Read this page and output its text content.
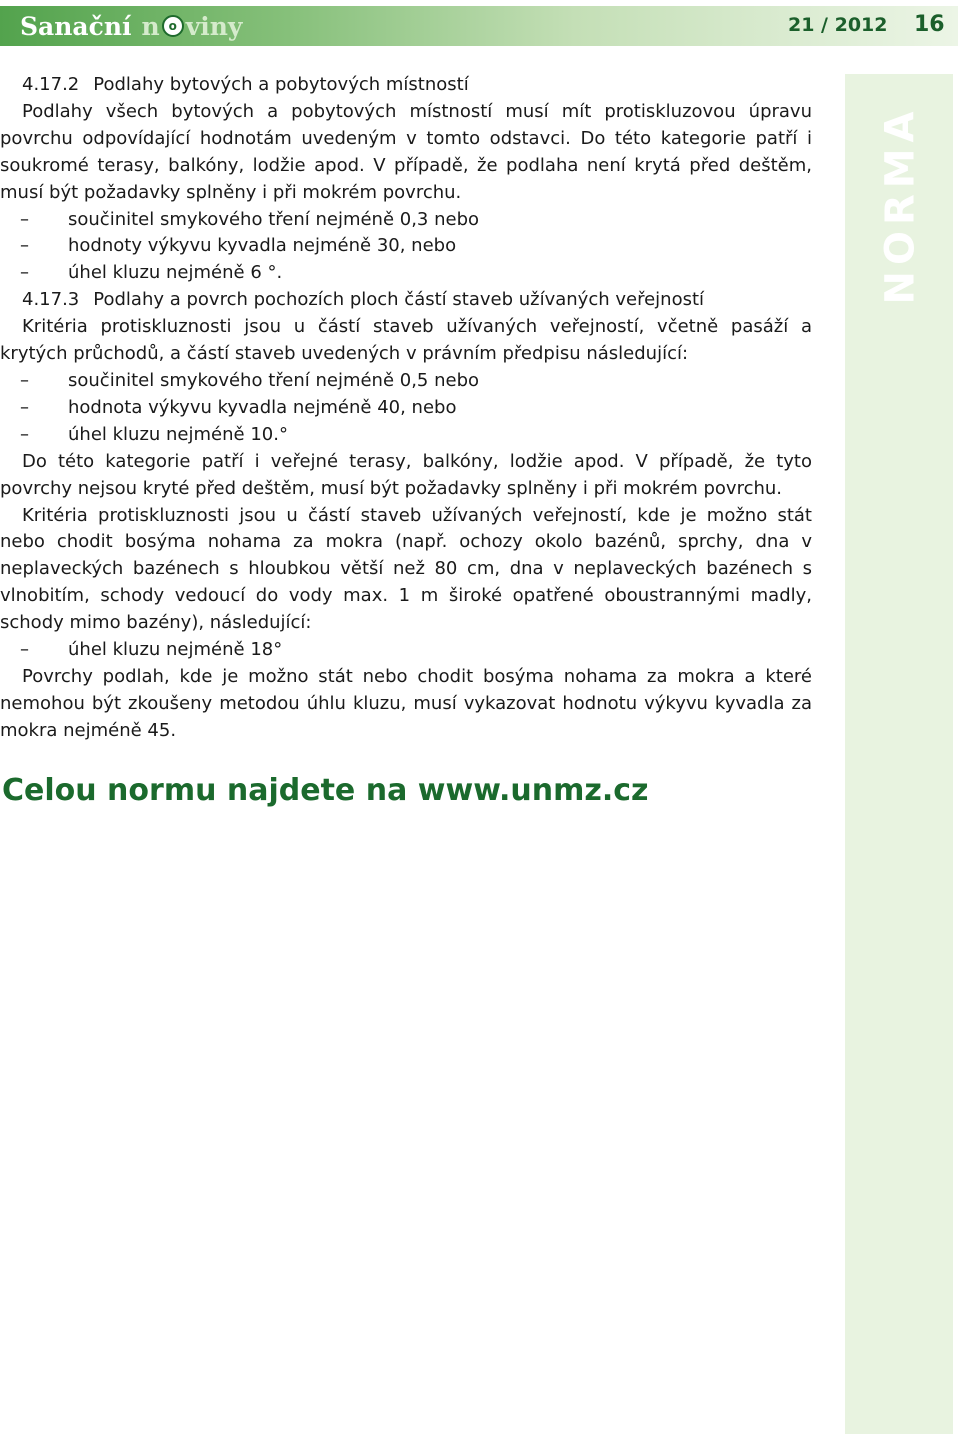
Sanační n o viny	21 / 2012 16
NORMA

4.17.2 Podlahy bytových a pobytových místností

Podlahy všech bytových a pobytových místností musí mít protiskluzovou úpravu povrchu odpovídající hodnotám uvedeným v tomto odstavci. Do této kategorie patří i soukromé terasy, balkóny, lodžie apod. V případě, že podlaha není krytá před deštěm, musí být požadavky splněny i při mokrém povrchu.

–	součinitel smykového tření nejméně 0,3 nebo
–	hodnoty výkyvu kyvadla nejméně 30, nebo
–	úhel kluzu nejméně 6 °.

4.17.3 Podlahy a povrch pochozích ploch částí staveb užívaných veřejností

Kritéria protiskluznosti jsou u částí staveb užívaných veřejností, včetně pasáží a krytých průchodů, a částí staveb uvedených v právním předpisu následující:

–	součinitel smykového tření nejméně 0,5 nebo
–	hodnota výkyvu kyvadla nejméně 40, nebo
–	úhel kluzu nejméně 10.°

Do této kategorie patří i veřejné terasy, balkóny, lodžie apod. V případě, že tyto povrchy nejsou kryté před deštěm, musí být požadavky splněny i při mokrém povrchu.

Kritéria protiskluznosti jsou u částí staveb užívaných veřejností, kde je možno stát nebo chodit bosýma nohama za mokra (např. ochozy okolo bazénů, sprchy, dna v neplaveckých bazénech s hloubkou větší než 80 cm, dna v neplaveckých bazénech s vlnobitím, schody vedoucí do vody max. 1 m široké opatřené oboustrannými madly, schody mimo bazény), následující:

–	úhel kluzu nejméně 18°

Povrchy podlah, kde je možno stát nebo chodit bosýma nohama za mokra a které nemohou být zkoušeny metodou úhlu kluzu, musí vykazovat hodnotu výkyvu kyvadla za mokra nejméně 45.

Celou normu najdete na www.unmz.cz
